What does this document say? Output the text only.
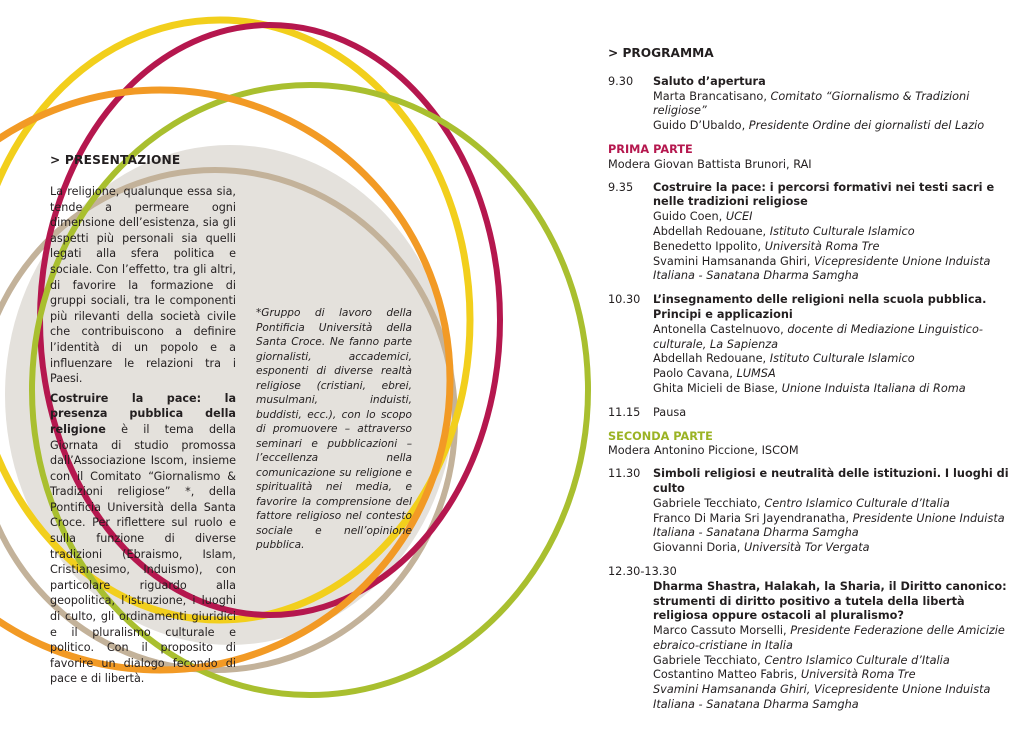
> PRESENTAZIONE

La religione, qualunque essa sia, tende a permeare ogni dimensione dell’esistenza, sia gli aspetti più personali sia quelli legati alla sfera politica e sociale. Con l’effetto, tra gli altri, di favorire la formazione di gruppi sociali, tra le componenti più rilevanti della società civile che contribuiscono a definire l’identità di un popolo e a influenzare le relazioni tra i Paesi.

Costruire la pace: la presenza pubblica della religione è il tema della Giornata di studio promossa dall’Associazione Iscom, insieme con il Comitato “Giornalismo & Tradizioni religiose” *, della Pontificia Università della Santa Croce. Per riflettere sul ruolo e sulla funzione di diverse tradizioni (Ebraismo, Islam, Cristianesimo, Induismo), con particolare riguardo alla geopolitica, l’istruzione, i luoghi di culto, gli ordinamenti giuridici e il pluralismo culturale e politico. Con il proposito di favorire un dialogo fecondo di pace e di libertà.

*Gruppo di lavoro della Pontificia Università della Santa Croce. Ne fanno parte giornalisti, accademici, esponenti di diverse realtà religiose (cristiani, ebrei, musulmani, induisti, buddisti, ecc.), con lo scopo di promuovere – attraverso seminari e pubblicazioni – l’eccellenza nella comunicazione su religione e spiritualità nei media, e favorire la comprensione del fattore religioso nel contesto sociale e nell’opinione pubblica.
> PROGRAMMA
9.30	Saluto d’apertura
Marta Brancatisano, Comitato “Giornalismo & Tradizioni religiose”
Guido D’Ubaldo, Presidente Ordine dei giornalisti del Lazio
PRIMA PARTE
Modera Giovan Battista Brunori, RAI
9.35	Costruire la pace: i percorsi formativi nei testi sacri e nelle tradizioni religiose
Guido Coen, UCEI
Abdellah Redouane, Istituto Culturale Islamico
Benedetto Ippolito, Università Roma Tre
Svamini Hamsananda Ghiri, Vicepresidente Unione Induista Italiana - Sanatana Dharma Samgha
10.30	L’insegnamento delle religioni nella scuola pubblica. Principi e applicazioni
Antonella Castelnuovo, docente di Mediazione Linguistico-culturale, La Sapienza
Abdellah Redouane, Istituto Culturale Islamico
Paolo Cavana, LUMSA
Ghita Micieli de Biase, Unione Induista Italiana di Roma
11.15	Pausa
SECONDA PARTE
Modera Antonino Piccione, ISCOM
11.30	Simboli religiosi e neutralità delle istituzioni. I luoghi di culto
Gabriele Tecchiato, Centro Islamico Culturale d’Italia
Franco Di Maria Sri Jayendranatha, Presidente Unione Induista Italiana - Sanatana Dharma Samgha
Giovanni Doria, Università Tor Vergata
12.30-13.30
Dharma Shastra, Halakah, la Sharia, il Diritto canonico: strumenti di diritto positivo a tutela della libertà religiosa oppure ostacoli al pluralismo?
Marco Cassuto Morselli, Presidente Federazione delle Amicizie ebraico-cristiane in Italia
Gabriele Tecchiato, Centro Islamico Culturale d’Italia
Costantino Matteo Fabris, Università Roma Tre
Svamini Hamsananda Ghiri, Vicepresidente Unione Induista Italiana - Sanatana Dharma Samgha
